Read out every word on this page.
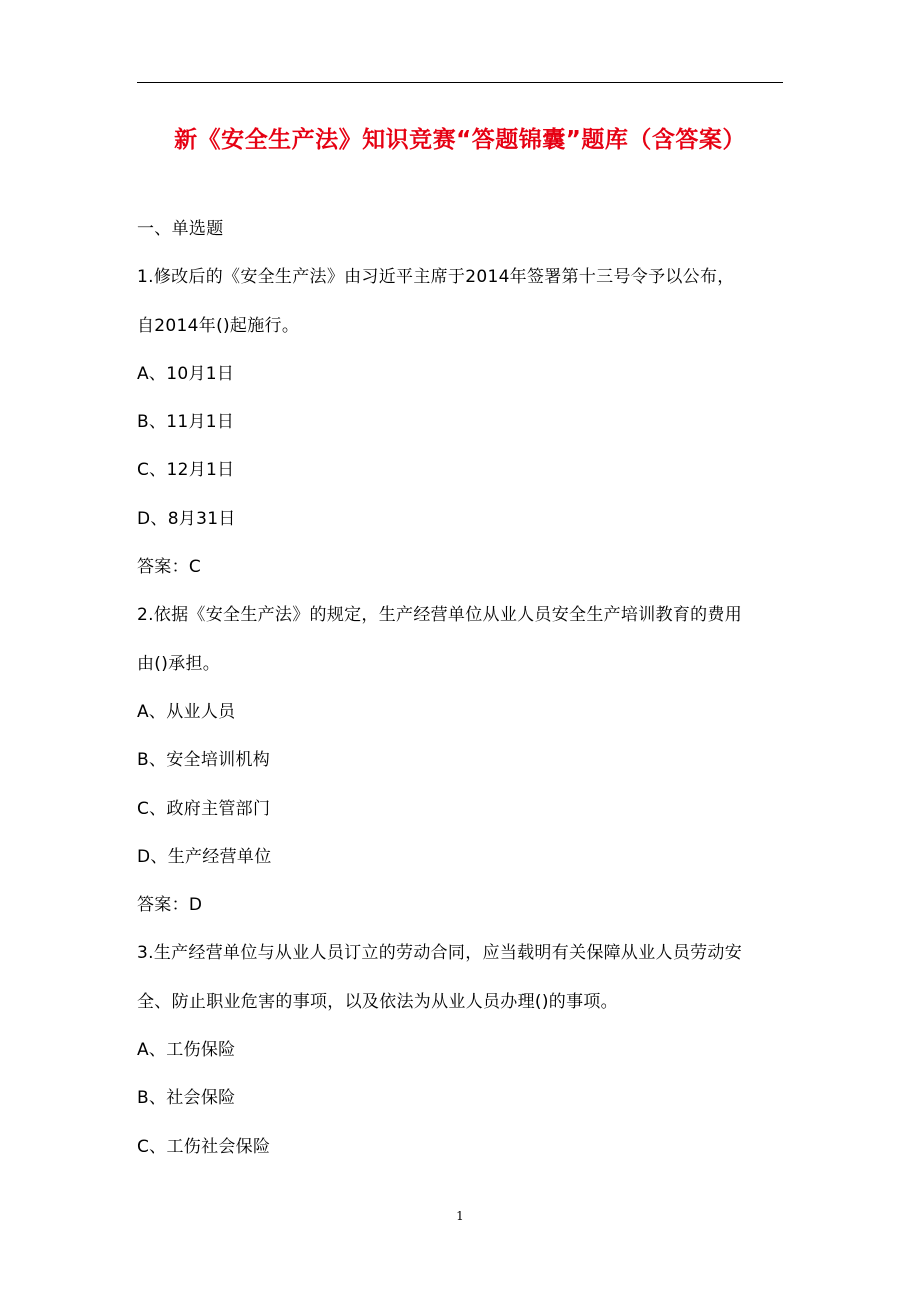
新《安全生产法》知识竞赛“答题锦囊”题库（含答案）
一、单选题
1.修改后的《安全生产法》由习近平主席于2014年签署第十三号令予以公布，
自2014年()起施行。
A、10月1日
B、11月1日
C、12月1日
D、8月31日
答案：C
2.依据《安全生产法》的规定，生产经营单位从业人员安全生产培训教育的费用
由()承担。
A、从业人员
B、安全培训机构
C、政府主管部门
D、生产经营单位
答案：D
3.生产经营单位与从业人员订立的劳动合同，应当载明有关保障从业人员劳动安
全、防止职业危害的事项，以及依法为从业人员办理()的事项。
A、工伤保险
B、社会保险
C、工伤社会保险
1
